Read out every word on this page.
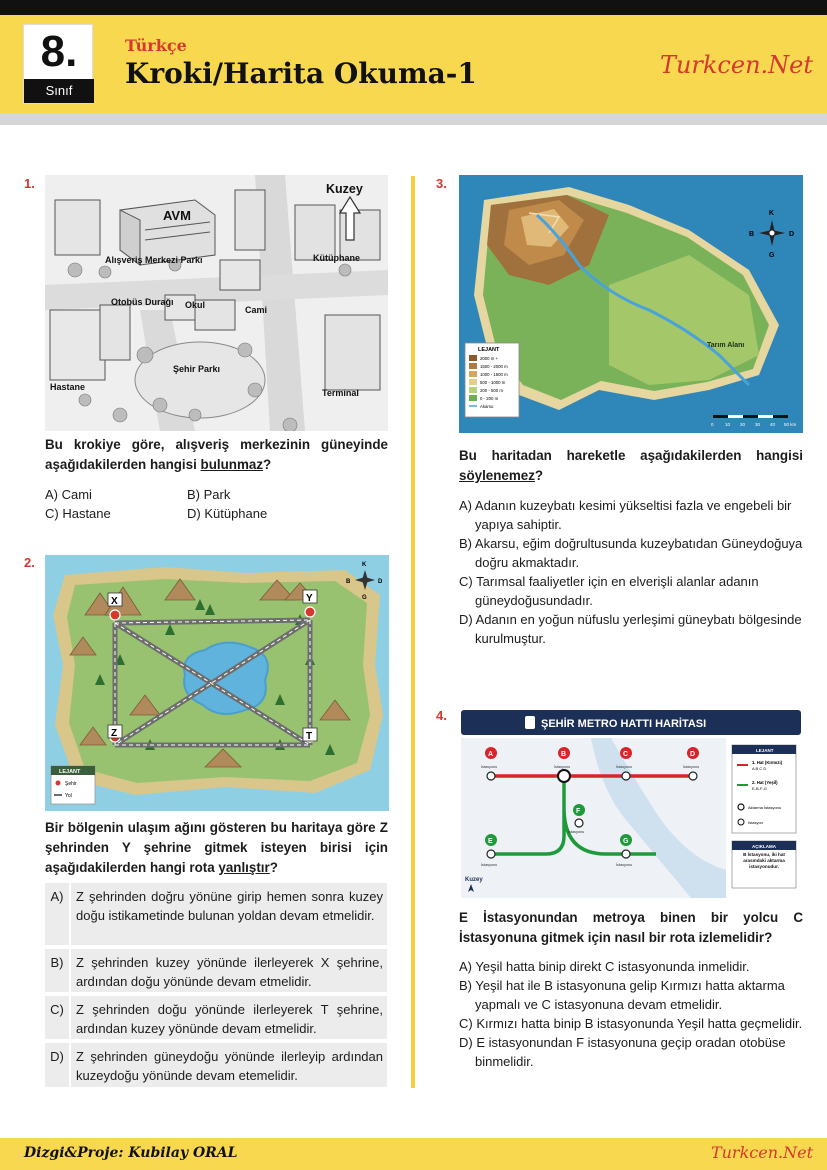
8.
Sınıf
Türkçe
Kroki/Harita Okuma-1	Turkcen.Net
1.	Kuzey
AVM
Alışveriş Merkezi Parkı	Kütüphane
Otobüs Durağı Okul	Cami
Şehir Parkı
Hastane
Terminal
Bu krokiye göre, alışveriş merkezinin güneyinde aşağıdakilerden hangisi bulunmaz?
A) Cami	B) Park
C) Hastane	D) Kütüphane
2.
X	Y
Z	T
K
D
G
B
LEJANT
Şehir
Yol
Bir bölgenin ulaşım ağını gösteren bu haritaya göre Z şehrinden Y şehrine gitmek isteyen birisi için aşağıdakilerden hangi rota yanlıştır?
A) Z şehrinden doğru yönüne girip hemen sonra kuzey doğu istikametinde bulunan yoldan devam etmelidir.
B) Z şehrinden kuzey yönünde ilerleyerek X şehrine, ardından doğu yönünde devam etmelidir.
C) Z şehrinden doğu yönünde ilerleyerek T şehrine, ardından kuzey yönünde devam etmelidir.
D) Z şehrinden güneydoğu yönünde ilerleyip ardından kuzeydoğu yönünde devam etemelidir.
3.
K
D
G
B
Tarım Alanı
LEJANT
2000 m +
1500 - 2000 m
1000 - 1500 m
500 - 1000 m
200 - 500 m
0 - 200 m
Akarsu
0	10 20 30 40 50 km
Bu haritadan hareketle aşağıdakilerden hangisi söylenemez?
A) Adanın kuzeybatı kesimi yükseltisi fazla ve engebeli bir yapıya sahiptir.
B) Akarsu, eğim doğrultusunda kuzeybatıdan Güneydoğuya doğru akmaktadır.
C) Tarımsal faaliyetler için en elverişli alanlar adanın güneydoğusundadır.
D) Adanın en yoğun nüfuslu yerleşimi güneybatı bölgesinde kurulmuştur.
4.
ŞEHİR METRO HATTI HARİTASI
A	B	C	D
E
F
G
İstasyonu	İstasyonu	İstasyonu	İstasyonu
İstasyonu
İstasyonu
İstasyonu
Kuzey
LEJANT
1. Hat (Kırmızı)
A B C D
2. Hat (Yeşil)
E-B-F-G
Aktarma İstasyonu
İstasyon
AÇIKLAMA
B İstasyonu, iki hat arasındaki aktarma istasyonudur.
E İstasyonundan metroya binen bir yolcu C İstasyonuna gitmek için nasıl bir rota izlemelidir?
A) Yeşil hatta binip direkt C istasyonunda inmelidir.
B) Yeşil hat ile B istasyonuna gelip Kırmızı hatta aktarma yapmalı ve C istasyonuna devam etmelidir.
C) Kırmızı hatta binip B istasyonunda Yeşil hatta geçmelidir.
D) E istasyonundan F istasyonuna geçip oradan otobüse binmelidir.
Dizgi&Proje: Kubilay ORAL	Turkcen.Net
